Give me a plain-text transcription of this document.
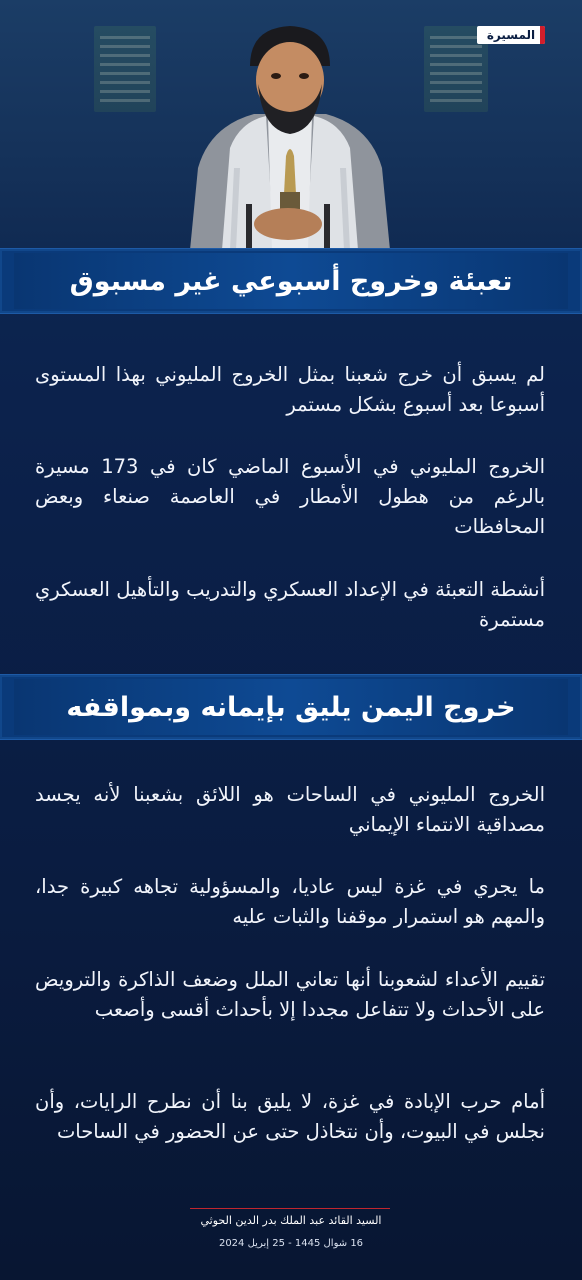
المسيرة
تعبئة وخروج أسبوعي غير مسبوق

لم يسبق أن خرج شعبنا بمثل الخروج المليوني بهذا المستوى أسبوعا بعد أسبوع بشكل مستمر

الخروج المليوني في الأسبوع الماضي كان في 173 مسيرة بالرغم من هطول الأمطار في العاصمة صنعاء وبعض المحافظات

أنشطة التعبئة في الإعداد العسكري والتدريب والتأهيل العسكري مستمرة

خروج اليمن يليق بإيمانه وبمواقفه

الخروج المليوني في الساحات هو اللائق بشعبنا لأنه يجسد مصداقية الانتماء الإيماني

ما يجري في غزة ليس عاديا، والمسؤولية تجاهه كبيرة جدا، والمهم هو استمرار موقفنا والثبات عليه

تقييم الأعداء لشعوبنا أنها تعاني الملل وضعف الذاكرة والترويض على الأحداث ولا تتفاعل مجددا إلا بأحداث أقسى وأصعب

أمام حرب الإبادة في غزة، لا يليق بنا أن نطرح الرايات، وأن نجلس في البيوت، وأن نتخاذل حتى عن الحضور في الساحات

السيد القائد عبد الملك بدر الدين الحوثي
16 شوال 1445 - 25 إبريل 2024
